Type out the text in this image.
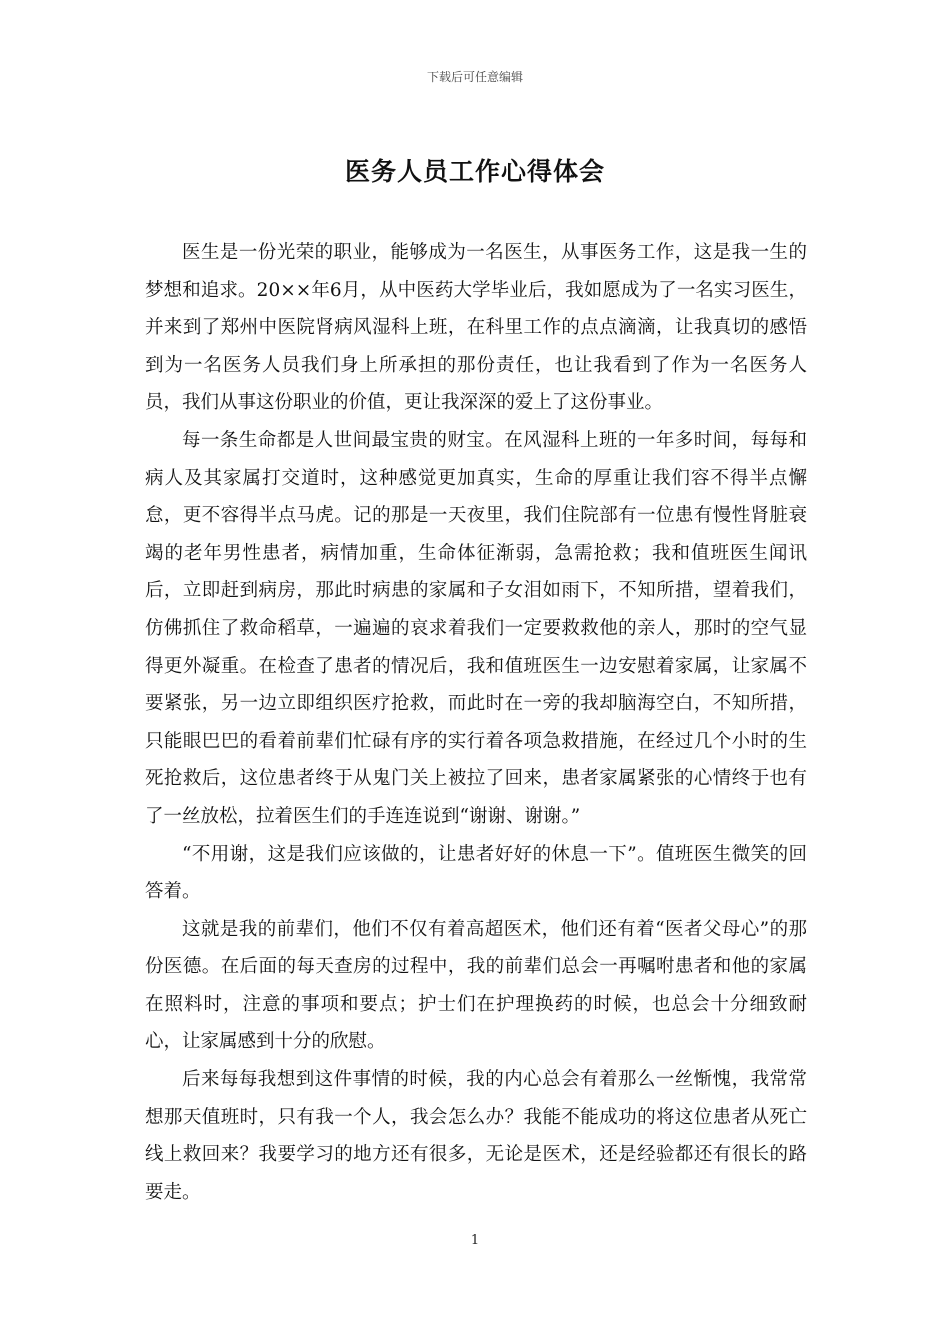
下载后可任意编辑
医务人员工作心得体会

医生是一份光荣的职业，能够成为一名医生，从事医务工作，这是我一生的梦想和追求。20××年6月，从中医药大学毕业后，我如愿成为了一名实习医生，并来到了郑州中医院肾病风湿科上班，在科里工作的点点滴滴，让我真切的感悟到为一名医务人员我们身上所承担的那份责任，也让我看到了作为一名医务人员，我们从事这份职业的价值，更让我深深的爱上了这份事业。

每一条生命都是人世间最宝贵的财宝。在风湿科上班的一年多时间，每每和病人及其家属打交道时，这种感觉更加真实，生命的厚重让我们容不得半点懈怠，更不容得半点马虎。记的那是一天夜里，我们住院部有一位患有慢性肾脏衰竭的老年男性患者，病情加重，生命体征渐弱，急需抢救；我和值班医生闻讯后，立即赶到病房，那此时病患的家属和子女泪如雨下，不知所措，望着我们，仿佛抓住了救命稻草，一遍遍的哀求着我们一定要救救他的亲人，那时的空气显得更外凝重。在检查了患者的情况后，我和值班医生一边安慰着家属，让家属不要紧张，另一边立即组织医疗抢救，而此时在一旁的我却脑海空白，不知所措，只能眼巴巴的看着前辈们忙碌有序的实行着各项急救措施，在经过几个小时的生死抢救后，这位患者终于从鬼门关上被拉了回来，患者家属紧张的心情终于也有了一丝放松，拉着医生们的手连连说到“谢谢、谢谢。”

“不用谢，这是我们应该做的，让患者好好的休息一下”。值班医生微笑的回答着。

这就是我的前辈们，他们不仅有着高超医术，他们还有着“医者父母心”的那份医德。在后面的每天查房的过程中，我的前辈们总会一再嘱咐患者和他的家属在照料时，注意的事项和要点；护士们在护理换药的时候，也总会十分细致耐心，让家属感到十分的欣慰。

后来每每我想到这件事情的时候，我的内心总会有着那么一丝惭愧，我常常想那天值班时，只有我一个人，我会怎么办？我能不能成功的将这位患者从死亡线上救回来？我要学习的地方还有很多，无论是医术，还是经验都还有很长的路要走。

1
